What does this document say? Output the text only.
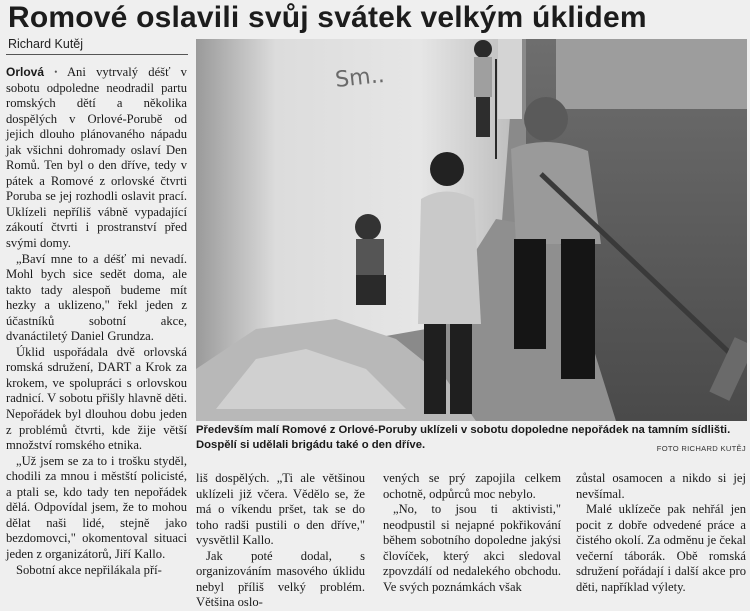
Romové oslavili svůj svátek velkým úklidem
Richard Kutěj

Orlová • Ani vytrvalý déšť v sobotu odpoledne neodradil partu romských dětí a několika dospělých v Orlové-Porubě od jejich dlouho plánovaného nápadu jak všichni dohromady oslaví Den Romů. Ten byl o den dříve, tedy v pátek a Romové z orlovské čtvrti Poruba se jej rozhodli oslavit prací. Uklízeli nepříliš vábně vypadající zákoutí čtvrti i prostranství před svými domy.

„Baví mne to a déšť mi nevadí. Mohl bych sice sedět doma, ale takto tady alespoň budeme mít hezky a uklizeno," řekl jeden z účastníků sobotní akce, dvanáctiletý Daniel Grundza.

Úklid uspořádala dvě orlovská romská sdružení, DART a Krok za krokem, ve spolupráci s orlovskou radnicí. V sobotu přišly hlavně děti. Nepořádek byl dlouhou dobu jeden z problémů čtvrti, kde žije větší množství romského etnika.

„Už jsem se za to i trošku styděl, chodili za mnou i městští policisté, a ptali se, kdo tady ten nepořádek dělá. Odpovídal jsem, že to mohou dělat naši lidé, stejně jako bezdomovci," okomentoval situaci jeden z organizátorů, Jiří Kallo.

Sobotní akce nepřilákala pří-

Sm..
Především malí Romové z Orlové-Poruby uklízeli v sobotu dopoledne nepořádek na tamním sídlišti.
Dospělí si udělali brigádu také o den dříve.	FOTO RICHARD KUTĚJ

liš dospělých. „Ti ale většinou uklízeli již včera. Vědělo se, že má o víkendu pršet, tak se do toho radši pustili o den dříve," vysvětlil Kallo.

Jak poté dodal, s organizováním masového úklidu nebyl příliš velký problém. Většina oslo-

vených se prý zapojila celkem ochotně, odpůrců moc nebylo.

„No, to jsou ti aktivisti," neodpustil si nejapné pokřikování během sobotního dopoledne jakýsi človíček, který akci sledoval zpovzdálí od nedalekého obchodu. Ve svých poznámkách však

zůstal osamocen a nikdo si jej nevšímal.

Malé uklízeče pak nehřál jen pocit z dobře odvedené práce a čistého okolí. Za odměnu je čekal večerní táborák. Obě romská sdružení pořádají i další akce pro děti, například výlety.
